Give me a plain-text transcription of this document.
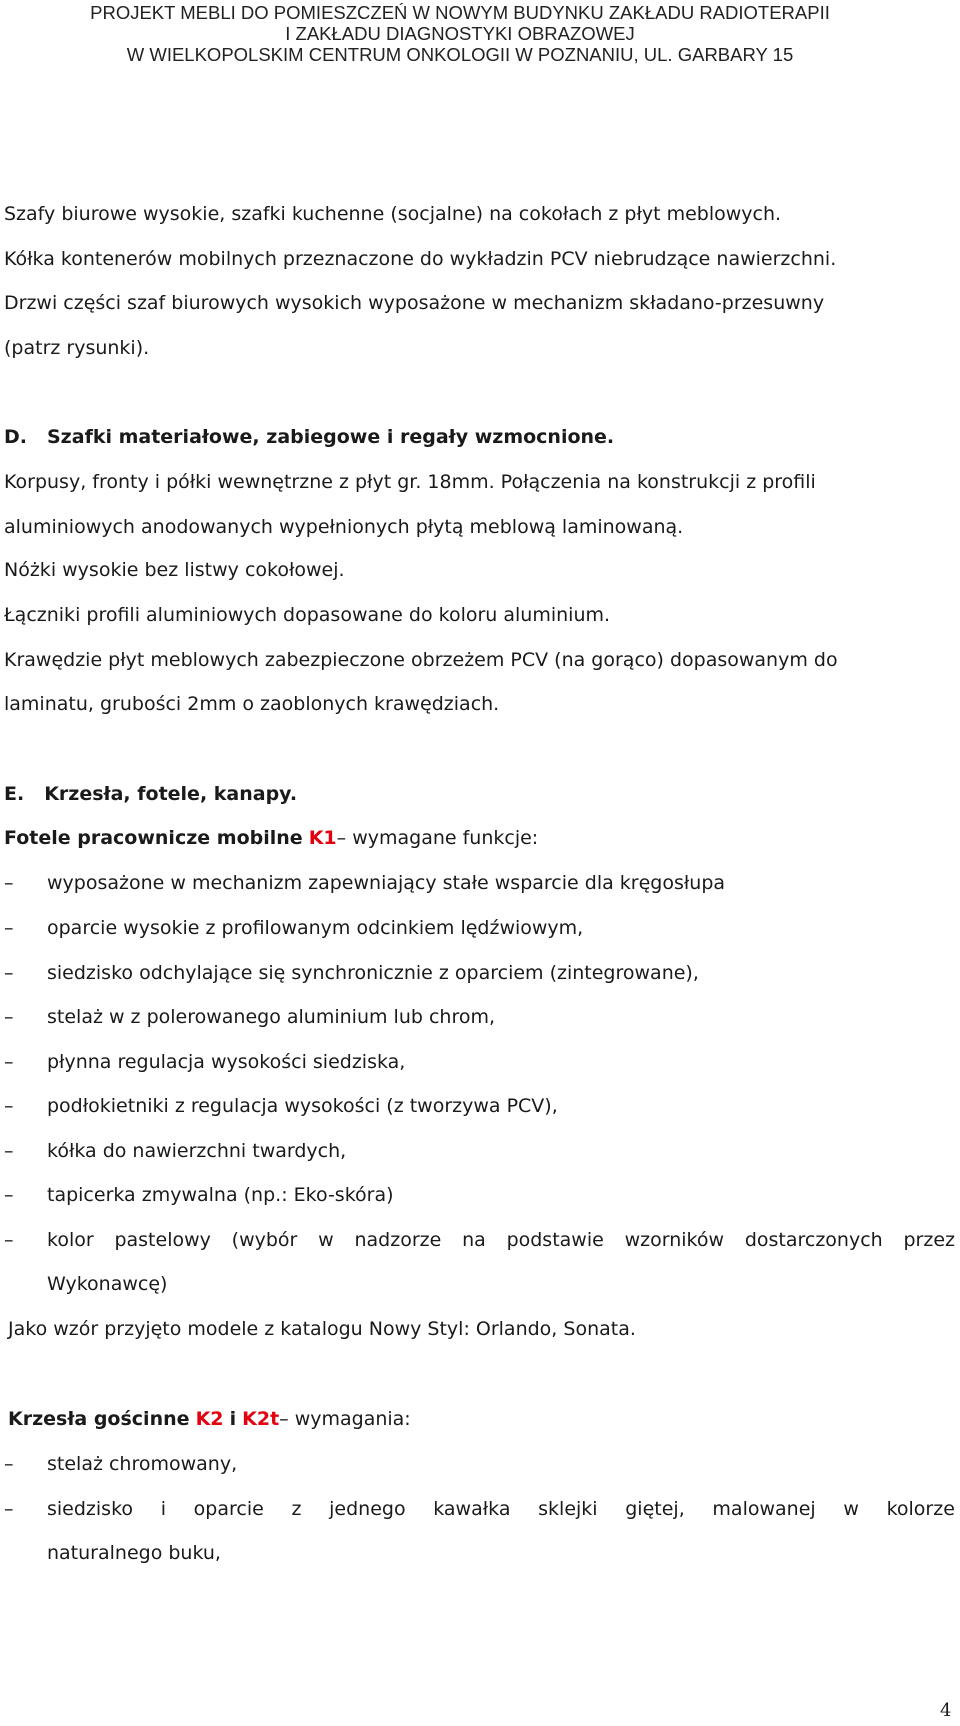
PROJEKT MEBLI DO POMIESZCZEŃ W NOWYM BUDYNKU ZAKŁADU RADIOTERAPII
I ZAKŁADU DIAGNOSTYKI OBRAZOWEJ
W WIELKOPOLSKIM CENTRUM ONKOLOGII W POZNANIU, UL. GARBARY 15
Szafy biurowe wysokie, szafki kuchenne (socjalne) na cokołach z płyt meblowych.
Kółka kontenerów mobilnych przeznaczone do wykładzin PCV niebrudzące nawierzchni.
Drzwi części szaf biurowych wysokich wyposażone w mechanizm składano-przesuwny
(patrz rysunki).
D. Szafki materiałowe, zabiegowe i regały wzmocnione.
Korpusy, fronty i półki wewnętrzne z płyt gr. 18mm. Połączenia na konstrukcji z profili
aluminiowych anodowanych wypełnionych płytą meblową laminowaną.
Nóżki wysokie bez listwy cokołowej.
Łączniki profili aluminiowych dopasowane do koloru aluminium.
Krawędzie płyt meblowych zabezpieczone obrzeżem PCV (na gorąco) dopasowanym do
laminatu, grubości 2mm o zaoblonych krawędziach.
E. Krzesła, fotele, kanapy.
Fotele pracownicze mobilne K1– wymagane funkcje:
– wyposażone w mechanizm zapewniający stałe wsparcie dla kręgosłupa
– oparcie wysokie z profilowanym odcinkiem lędźwiowym,
– siedzisko odchylające się synchronicznie z oparciem (zintegrowane),
– stelaż w z polerowanego aluminium lub chrom,
– płynna regulacja wysokości siedziska,
– podłokietniki z regulacja wysokości (z tworzywa PCV),
– kółka do nawierzchni twardych,
– tapicerka zmywalna (np.: Eko-skóra)
– kolor pastelowy (wybór w nadzorze na podstawie wzorników dostarczonych przez
Wykonawcę)
Jako wzór przyjęto modele z katalogu Nowy Styl: Orlando, Sonata.
Krzesła gościnne K2 i K2t– wymagania:
– stelaż chromowany,
– siedzisko i oparcie z jednego kawałka sklejki giętej, malowanej w kolorze
naturalnego buku,
4
